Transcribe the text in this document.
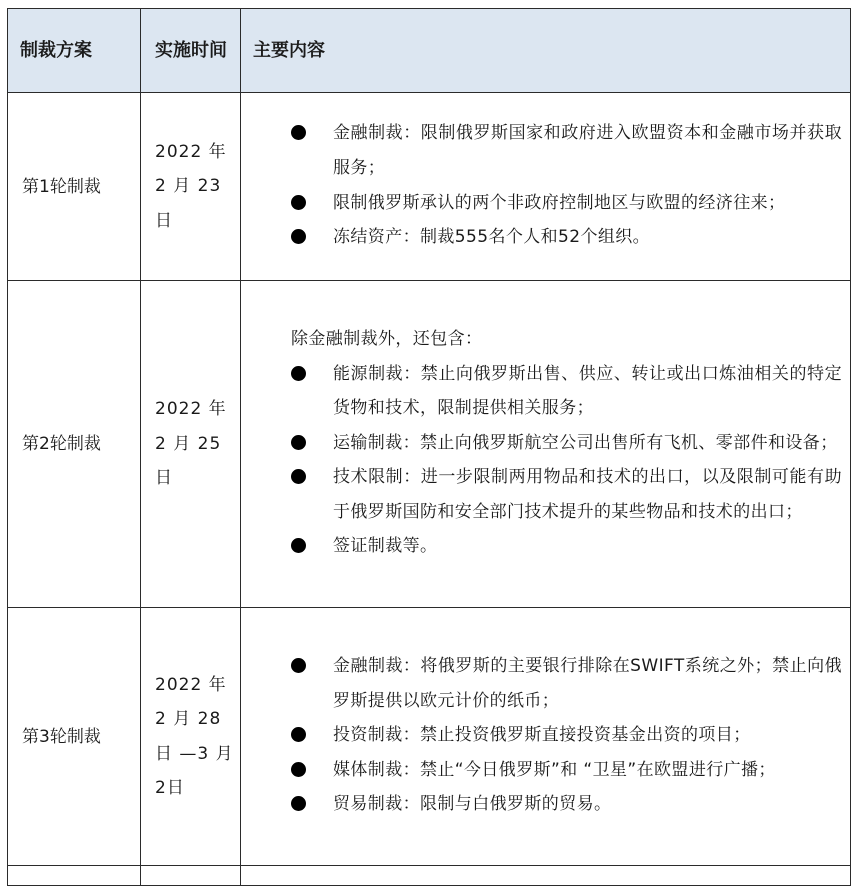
制裁方案	实施时间	主要内容
第1轮制裁	2022 年 2 月 23 日	金融制裁：限制俄罗斯国家和政府进入欧盟资本和金融市场并获取服务；
限制俄罗斯承认的两个非政府控制地区与欧盟的经济往来；
冻结资产：制裁555名个人和52个组织。

第2轮制裁	2022 年 2 月 25 日	除金融制裁外，还包含：
能源制裁：禁止向俄罗斯出售、供应、转让或出口炼油相关的特定货物和技术，限制提供相关服务；
运输制裁：禁止向俄罗斯航空公司出售所有飞机、零部件和设备；
技术限制：进一步限制两用物品和技术的出口，以及限制可能有助于俄罗斯国防和安全部门技术提升的某些物品和技术的出口；
签证制裁等。

第3轮制裁	2022 年 2 月 28 日 —3 月2日	金融制裁：将俄罗斯的主要银行排除在SWIFT系统之外；禁止向俄罗斯提供以欧元计价的纸币；
投资制裁：禁止投资俄罗斯直接投资基金出资的项目；
媒体制裁：禁止“今日俄罗斯”和 “卫星”在欧盟进行广播；
贸易制裁：限制与白俄罗斯的贸易。
